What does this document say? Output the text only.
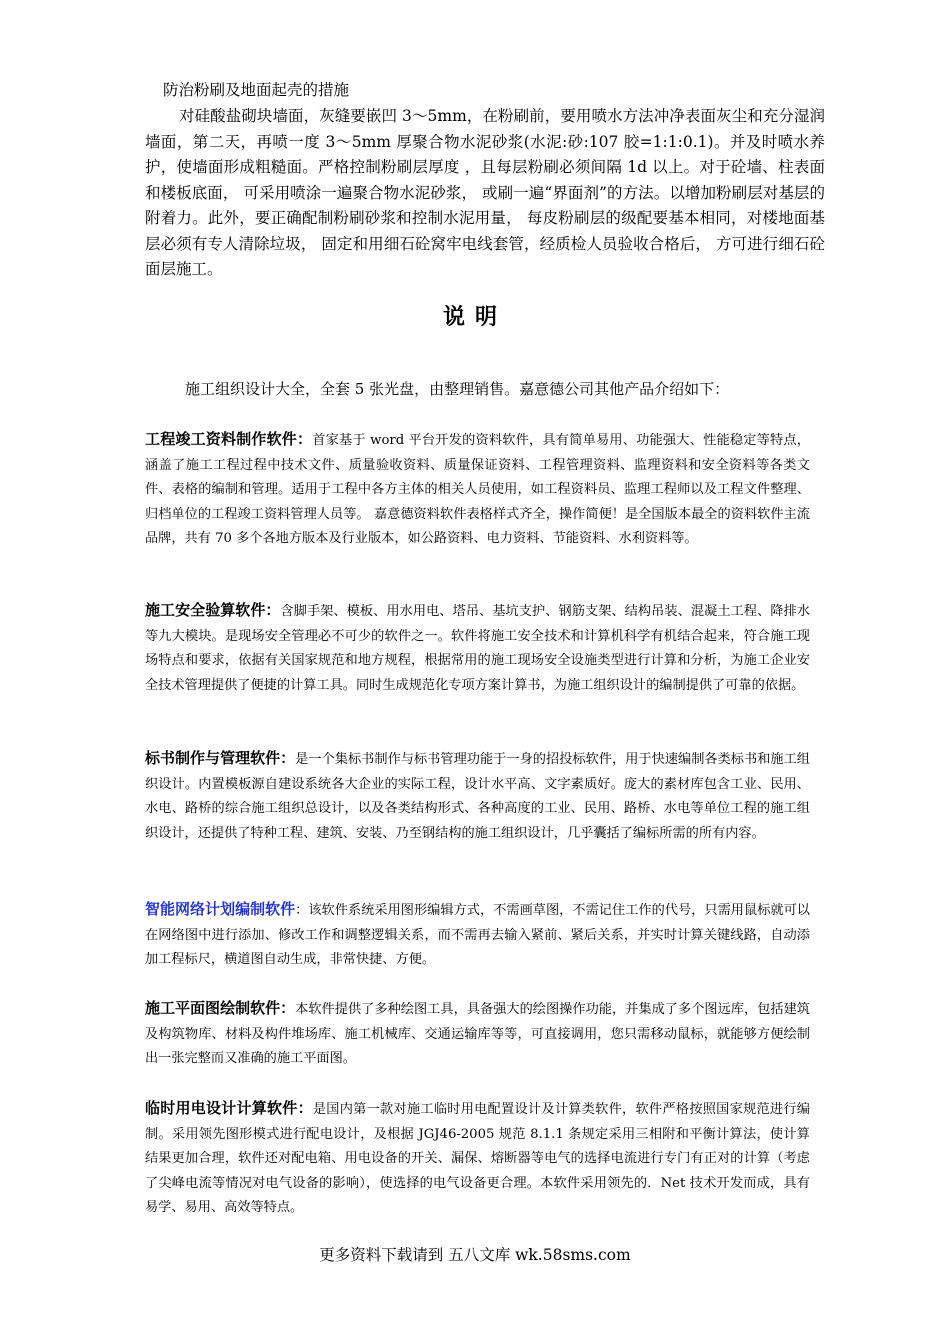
防治粉刷及地面起壳的措施
对硅酸盐砌块墙面，灰缝要嵌凹 3～5mm，在粉刷前，要用喷水方法冲净表面灰尘和充分湿润墙面，第二天，再喷一度 3～5mm 厚聚合物水泥砂浆(水泥:砂:107 胶=1:1:0.1)。并及时喷水养护，使墙面形成粗糙面。严格控制粉刷层厚度 ，且每层粉刷必须间隔 1d 以上。对于砼墙、柱表面和楼板底面， 可采用喷涂一遍聚合物水泥砂浆， 或刷一遍“界面剂”的方法。以增加粉刷层对基层的附着力。此外，要正确配制粉刷砂浆和控制水泥用量， 每皮粉刷层的级配要基本相同，对楼地面基层必须有专人清除垃圾， 固定和用细石砼窝牢电线套管，经质检人员验收合格后， 方可进行细石砼面层施工。
说明
施工组织设计大全，全套 5 张光盘，由整理销售。嘉意德公司其他产品介绍如下：
工程竣工资料制作软件：首家基于 word 平台开发的资料软件，具有简单易用、功能强大、性能稳定等特点，涵盖了施工工程过程中技术文件、质量验收资料、质量保证资料、工程管理资料、监理资料和安全资料等各类文件、表格的编制和管理。适用于工程中各方主体的相关人员使用，如工程资料员、监理工程师以及工程文件整理、归档单位的工程竣工资料管理人员等。 嘉意德资料软件表格样式齐全，操作简便！是全国版本最全的资料软件主流品牌，共有 70 多个各地方版本及行业版本，如公路资料、电力资料、节能资料、水利资料等。
施工安全验算软件：含脚手架、模板、用水用电、塔吊、基坑支护、钢筋支架、结构吊装、混凝土工程、降排水等九大模块。是现场安全管理必不可少的软件之一。软件将施工安全技术和计算机科学有机结合起来，符合施工现场特点和要求，依据有关国家规范和地方规程，根据常用的施工现场安全设施类型进行计算和分析，为施工企业安全技术管理提供了便捷的计算工具。同时生成规范化专项方案计算书，为施工组织设计的编制提供了可靠的依据。
标书制作与管理软件：是一个集标书制作与标书管理功能于一身的招投标软件，用于快速编制各类标书和施工组织设计。内置模板源自建设系统各大企业的实际工程，设计水平高、文字素质好。庞大的素材库包含工业、民用、水电、路桥的综合施工组织总设计，以及各类结构形式、各种高度的工业、民用、路桥、水电等单位工程的施工组织设计，还提供了特种工程、建筑、安装、乃至钢结构的施工组织设计，几乎囊括了编标所需的所有内容。
智能网络计划编制软件：该软件系统采用图形编辑方式，不需画草图，不需记住工作的代号，只需用鼠标就可以在网络图中进行添加、修改工作和调整逻辑关系，而不需再去输入紧前、紧后关系，并实时计算关键线路，自动添加工程标尺，横道图自动生成，非常快捷、方便。
施工平面图绘制软件：本软件提供了多种绘图工具，具备强大的绘图操作功能，并集成了多个图远库，包括建筑及构筑物库、材料及构件堆场库、施工机械库、交通运输库等等，可直接调用，您只需移动鼠标，就能够方便绘制出一张完整而又准确的施工平面图。
临时用电设计计算软件：是国内第一款对施工临时用电配置设计及计算类软件，软件严格按照国家规范进行编制。采用领先图形模式进行配电设计，及根据 JGJ46-2005 规范 8.1.1 条规定采用三相附和平衡计算法，使计算结果更加合理，软件还对配电箱、用电设备的开关、漏保、熔断器等电气的选择电流进行专门有正对的计算（考虑了尖峰电流等情况对电气设备的影响），使选择的电气设备更合理。本软件采用领先的．Net 技术开发而成，具有易学、易用、高效等特点。
更多资料下载请到 五八文库 wk.58sms.com
